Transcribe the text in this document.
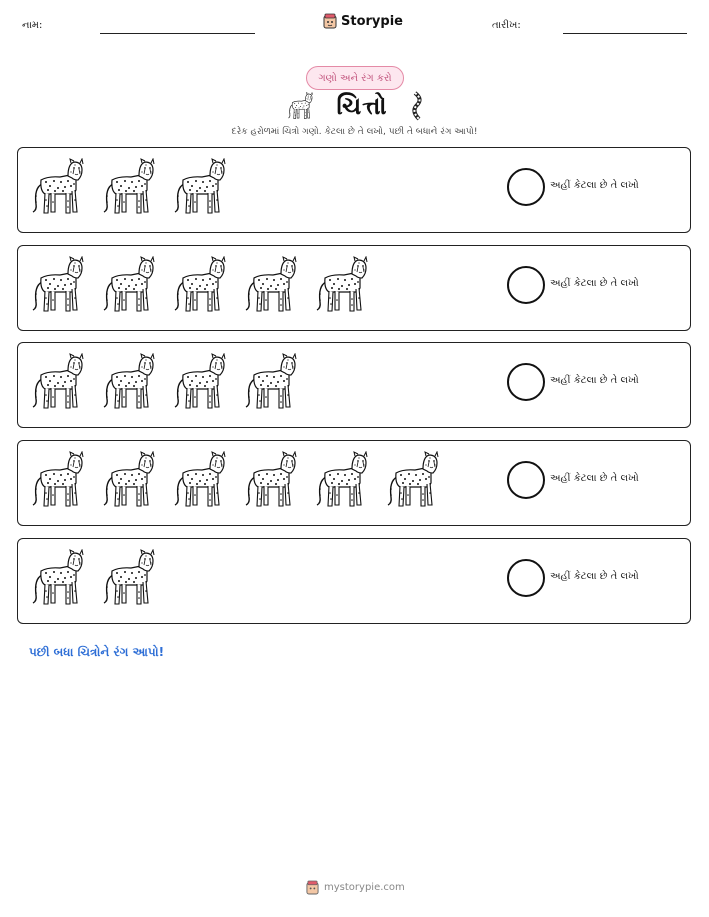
નામ:	Storypie	તારીખ:
ગણો અને રંગ કરો
ચિત્તો
દરેક હરોળમાં ચિત્રો ગણો. કેટલા છે તે લખો, પછી તે બધાને રંગ આપો!
અહીં કેટલા છે તે લખો
અહીં કેટલા છે તે લખો
અહીં કેટલા છે તે લખો
અહીં કેટલા છે તે લખો
અહીં કેટલા છે તે લખો
પછી બધા ચિત્રોને રંગ આપો!
mystorypie.com
